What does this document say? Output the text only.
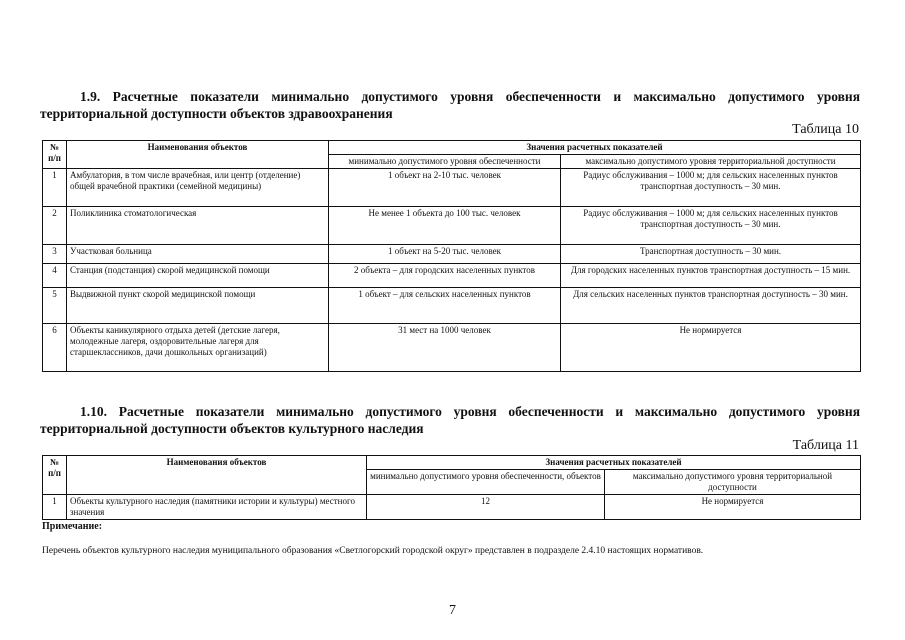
1.9. Расчетные показатели минимально допустимого уровня обеспеченности и максимально допустимого уровня территориальной доступности объектов здравоохранения
Таблица 10
№ п/п	Наименования объектов	Значения расчетных показателей	
		минимально допустимого уровня обеспеченности	максимально допустимого уровня территориальной доступности
1	Амбулатория, в том числе врачебная, или центр (отделение) общей врачебной практики (семейной медицины)	1 объект на 2-10 тыс. человек	Радиус обслуживания – 1000 м; для сельских населенных пунктов транспортная доступность – 30 мин.
2	Поликлиника стоматологическая	Не менее 1 объекта до 100 тыс. человек	Радиус обслуживания – 1000 м; для сельских населенных пунктов транспортная доступность – 30 мин.
3	Участковая больница	1 объект на 5-20 тыс. человек	Транспортная доступность – 30 мин.
4	Станция (подстанция) скорой медицинской помощи	2 объекта – для городских населенных пунктов	Для городских населенных пунктов транспортная доступность – 15 мин.
5	Выдвижной пункт скорой медицинской помощи	1 объект – для сельских населенных пунктов	Для сельских населенных пунктов транспортная доступность – 30 мин.
6	Объекты каникулярного отдыха детей (детские лагеря, молодежные лагеря, оздоровительные лагеря для старшеклассников, дачи дошкольных организаций)	31 мест на 1000 человек	Не нормируется
1.10. Расчетные показатели минимально допустимого уровня обеспеченности и максимально допустимого уровня территориальной доступности объектов культурного наследия
Таблица 11
№ п/п	Наименования объектов	Значения расчетных показателей	
		минимально допустимого уровня обеспеченности, объектов	максимально допустимого уровня территориальной доступности
1	Объекты культурного наследия (памятники истории и культуры) местного значения	12	Не нормируется
Примечание:
Перечень объектов культурного наследия муниципального образования «Светлогорский городской округ» представлен в подразделе 2.4.10 настоящих нормативов.
7
